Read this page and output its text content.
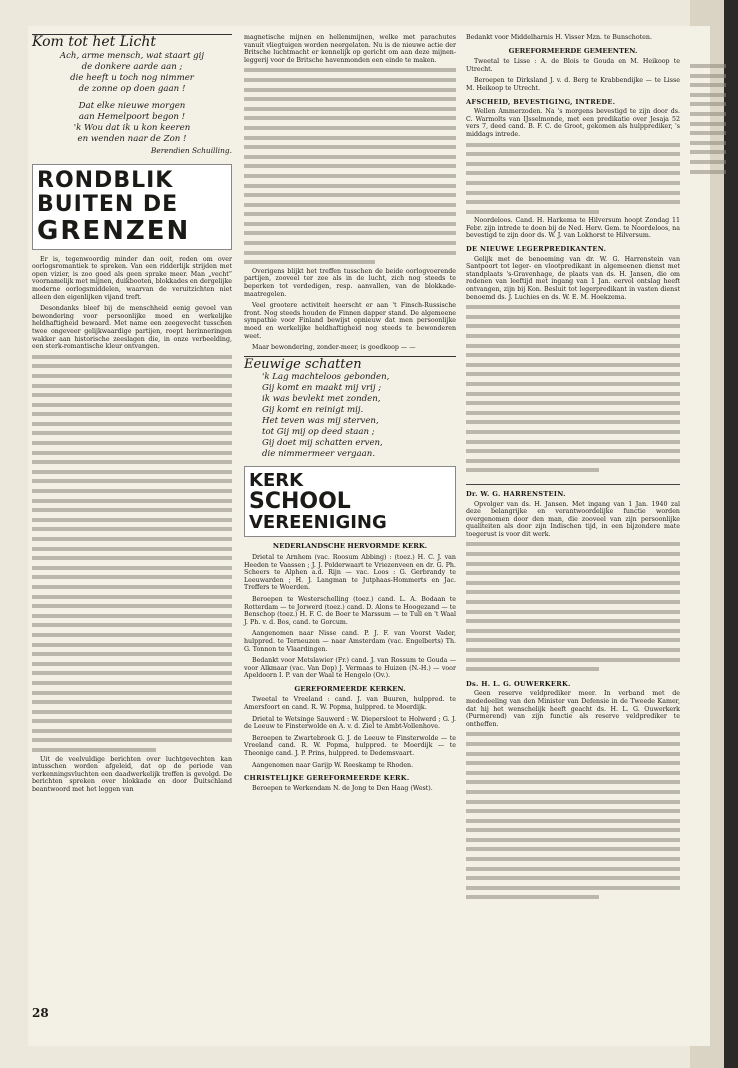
Kom tot het Licht
Ach, arme mensch, wat staart gij
de donkere aarde aan ;
die heeft u toch nog nimmer
de zonne op doen gaan !
Dat elke nieuwe morgen
aan Hemelpoort begon !
'k Wou dat ik u kon keeren
en wenden naar de Zon !
Berendien Schuilling.
RONDBLIK
BUITEN DE
GRENZEN

Er is, tegenwoordig minder dan ooit, reden om over oorlogsromantiek te spreken. Van een ridderlijk strijden met open vizier, is zoo goed als geen sprake meer. Man „vecht” voornamelijk met mijnen, duikbooten, blokkades en dergelijke moderne oorlogsmiddelen, waarvan de veruitzichten niet alleen den eigenlijken vijand treft.

Desondanks bleef bij de menschheid eenig gevoel van bewondering voor persoonlijke moed en werkelijke heldhaftigheid bewaard. Met name een zeegevecht tusschen twee ongeveer gelijkwaardige partijen, roept herinneringen wakker aan historische zeeslagen die, in onze verbeelding, een sterk-romantische kleur ontvangen.

Uit de veelvuldige berichten over luchtgevechten kan intusschen worden afgeleid, dat op de periode van verkenningsvluchten een daadwerkelijk treffen is gevolgd. De berichten spreken over blokkade en door Duitschland beantwoord met het leggen van

magnetische mijnen en hellemmijnen, welke met parachutes vanuit vliegtuigen worden neergelaten. Nu is de nieuwe actie der Britsche luchtmacht er kennelijk op gericht om aan deze mijnen-leggerij voor de Britsche havenmonden een einde te maken.

Overigens blijkt het treffen tusschen de beide oorlogvoerende partijen, zooveel ter zee als in de lucht, zich nog steeds te beperken tot verdedigen, resp. aanvallen, van de blokkade-maatregelen.

Veel grootere activiteit heerscht er aan 't Finsch-Russische front. Nog steeds houden de Finnen dapper stand. De algemeene sympathie voor Finland bewijst opnieuw dat men persoonlijke moed en werkelijke heldhaftigheid nog steeds te bewonderen weet.

Maar bewondering, zonder-meer, is goedkoop — —

Eeuwige schatten
'k Lag machteloos gebonden,
Gij komt en maakt mij vrij ;
ik was bevlekt met zonden,
Gij komt en reinigt mij.
Het teven was mij sterven,
tot Gij mij op deed staan ;
Gij doet mij schatten erven,
die nimmermeer vergaan.
KERK
SCHOOL
VEREENIGING
NEDERLANDSCHE HERVORMDE KERK.

Drietal te Arnhem (vac. Roosum Abbing) : (toez.) H. C. J. van Heeden te Vaassen ; J. J. Polderwaart te Vriezenveen en dr. G. Ph. Scheers te Alphen a.d. Rijn — vac. Loos : G. Gerbrandy te Leeuwarden ; H. J. Langman te Jutphaas-Hommerts en Jac. Treffers te Woerden.

Beroepen te Westerschelling (toez.) cand. L. A. Bodaan te Rotterdam — te Jorwerd (toez.) cand. D. Alons te Hoogezand — te Benschop (toez.) H. F. C. de Boer te Marssum — te Tull en 't Waal J. Ph. v. d. Bos, cand. te Gorcum.

Aangenomen naar Nisse cand. P. J. F. van Voorst Vader, hulppred. te Terneuzen — naar Amsterdam (vac. Engelberts) Th. G. Tonnon te Vlaardingen.

Bedankt voor Metslawier (Fr.) cand. J. van Rossum te Gouda — voor Alkmaar (vac. Van Dop) J. Vermaas te Huizen (N.-H.) — voor Apeldoorn I. P. van der Waal te Hengelo (Ov.).

GEREFORMEERDE KERKEN.

Tweetal te Vreeland : cand. J. van Buuren, hulppred. te Amersfoort en cand. R. W. Popma, hulppred. te Moerdijk.

Drietal te Wetsinge Sauwerd : W. Diepersloot te Holwerd ; G. J. de Leeuw te Finsterwolde en A. v. d. Ziel te Ambt-Vollenhove.

Beroepen te Zwartebroek G. J. de Leeuw te Finsterwolde — te Vreeland cand. R. W. Popma, hulppred. te Moerdijk — te Theonige cand. J. P. Prins, hulppred. te Dedemsvaart.

Aangenomen naar Garijp W. Reeskamp te Rhoden.

CHRISTELIJKE GEREFORMEERDE KERK.

Beroepen te Werkendam N. de Jong te Den Haag (West).

Bedankt voor Middelharnis H. Visser Mzn. te Bunschoten.

GEREFORMEERDE GEMEENTEN.

Tweetal te Lisse : A. de Blois te Gouda en M. Heikoop te Utrecht.

Beroepen te Dirksland J. v. d. Berg te Krabbendijke — te Lisse M. Heikoop te Utrecht.

AFSCHEID, BEVESTIGING, INTREDE.

Wellen Ammerzoden. Na 's morgens bevestigd te zijn door ds. C. Warmolts van IJsselmonde, met een predikatie over Jesaja 52 vers 7, deed cand. B. F. C. de Groot, gekomen als hulpprediker, 's middags intrede.

Noordeloos. Cand. H. Harkema te Hilversum hoopt Zondag 11 Febr. zijn intrede te doen bij de Ned. Herv. Gem. te Noordeloos, na bevestigd te zijn door ds. W. J. van Lokhorst te Hilversum.

DE NIEUWE LEGERPREDIKANTEN.

Gelijk met de benoeming van dr. W. G. Harrenstein van Santpoort tot leger- en vlootpredikant in algemeenen dienst met standplaats 's-Gravenhage, de plaats van ds. H. Jansen, die om redenen van leeftijd met ingang van 1 Jan. eervol ontslag heeft ontvangen, zijn bij Kon. Besluit tot legerpredikant in vasten dienst benoemd ds. J. Luchies en ds. W. E. M. Hoekzema.

Dr. W. G. HARRENSTEIN.

Opvolger van ds. H. Jansen. Met ingang van 1 Jan. 1940 zal deze belangrijke en verantwoordelijke functie worden overgenomen door den man, die zooveel van zijn persoonlijke qualiteiten als door zijn Indischen tijd, in een bijzondere mate toegerust is voor dit werk.

Ds. H. L. G. OUWERKERK.

Geen reserve veldprediker meer. In verband met de mededeeling van den Minister van Defensie in de Tweede Kamer, dat hij het wenschelijk heeft geacht ds. H. L. G. Ouwerkerk (Purmerend) van zijn functie als reserve veldprediker te ontheffen.

28
